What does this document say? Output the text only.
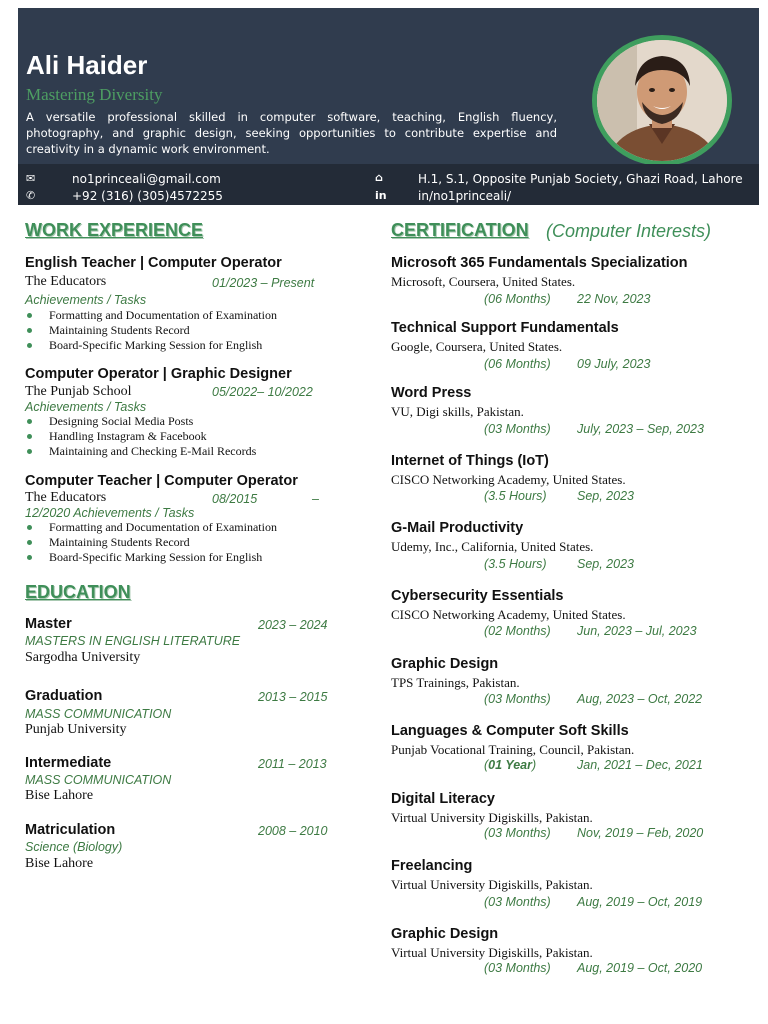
Ali Haider
Mastering Diversity
A versatile professional skilled in computer software, teaching, English fluency, photography, and graphic design, seeking opportunities to contribute expertise and creativity in a dynamic work environment.
✉	no1princeali@gmail.com
✆	+92 (316) (305)4572255
⌂	H.1, S.1, Opposite Punjab Society, Ghazi Road, Lahore
in	in/no1princeali/
WORK EXPERIENCE
English Teacher | Computer Operator
The Educators	01/2023 – Present
Achievements / Tasks
Formatting and Documentation of Examination
Maintaining Students Record
Board-Specific Marking Session for English
Computer Operator | Graphic Designer
The Punjab School	05/2022– 10/2022
Achievements / Tasks
Designing Social Media Posts
Handling Instagram & Facebook
Maintaining and Checking E-Mail Records
Computer Teacher | Computer Operator
The Educators	08/2015	–
12/2020 Achievements / Tasks
Formatting and Documentation of Examination
Maintaining Students Record
Board-Specific Marking Session for English
EDUCATION
Master	2023 – 2024
MASTERS IN ENGLISH LITERATURE
Sargodha University
Graduation	2013 – 2015
MASS COMMUNICATION
Punjab University
Intermediate	2011 – 2013
MASS COMMUNICATION
Bise Lahore
Matriculation	2008 – 2010
Science (Biology)
Bise Lahore
CERTIFICATION (Computer Interests)
Microsoft 365 Fundamentals Specialization
Microsoft, Coursera, United States.
(06 Months) 22 Nov, 2023
Technical Support Fundamentals
Google, Coursera, United States.
(06 Months) 09 July, 2023
Word Press
VU, Digi skills, Pakistan.
(03 Months) July, 2023 – Sep, 2023
Internet of Things (IoT)
CISCO Networking Academy, United States.
(3.5 Hours) Sep, 2023
G-Mail Productivity
Udemy, Inc., California, United States.
(3.5 Hours) Sep, 2023
Cybersecurity Essentials
CISCO Networking Academy, United States.
(02 Months) Jun, 2023 – Jul, 2023
Graphic Design
TPS Trainings, Pakistan.
(03 Months) Aug, 2023 – Oct, 2022
Languages & Computer Soft Skills
Punjab Vocational Training, Council, Pakistan.
(01 Year)	Jan, 2021 – Dec, 2021
Digital Literacy
Virtual University Digiskills, Pakistan.
(03 Months) Nov, 2019 – Feb, 2020
Freelancing
Virtual University Digiskills, Pakistan.
(03 Months) Aug, 2019 – Oct, 2019
Graphic Design
Virtual University Digiskills, Pakistan.
(03 Months) Aug, 2019 – Oct, 2020
